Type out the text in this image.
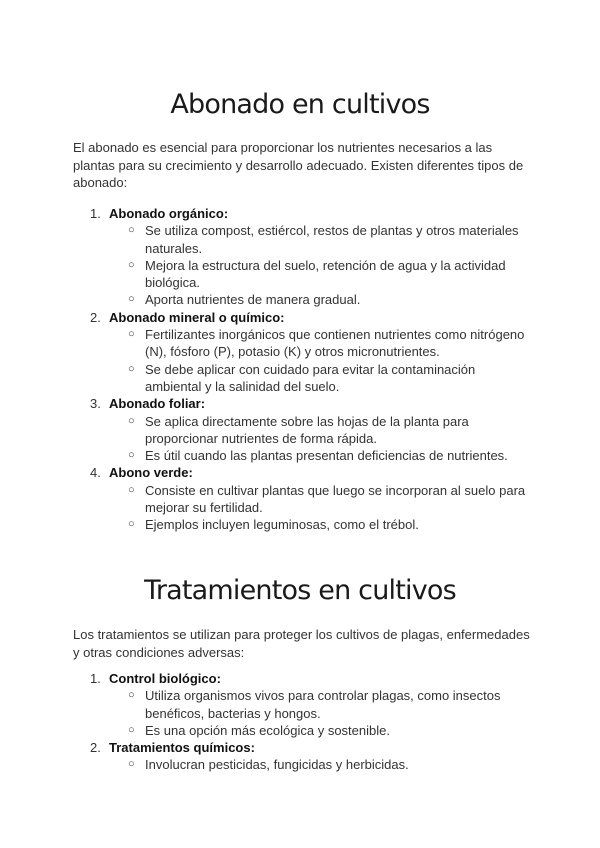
Abonado en cultivos

El abonado es esencial para proporcionar los nutrientes necesarios a las plantas para su crecimiento y desarrollo adecuado. Existen diferentes tipos de abonado:

1. Abonado orgánico:
○ Se utiliza compost, estiércol, restos de plantas y otros materiales naturales.
○ Mejora la estructura del suelo, retención de agua y la actividad biológica.
○ Aporta nutrientes de manera gradual.
2. Abonado mineral o químico:
○ Fertilizantes inorgánicos que contienen nutrientes como nitrógeno (N), fósforo (P), potasio (K) y otros micronutrientes.
○ Se debe aplicar con cuidado para evitar la contaminación ambiental y la salinidad del suelo.
3. Abonado foliar:
○ Se aplica directamente sobre las hojas de la planta para proporcionar nutrientes de forma rápida.
○ Es útil cuando las plantas presentan deficiencias de nutrientes.
4. Abono verde:
○ Consiste en cultivar plantas que luego se incorporan al suelo para mejorar su fertilidad.
○ Ejemplos incluyen leguminosas, como el trébol.
Tratamientos en cultivos

Los tratamientos se utilizan para proteger los cultivos de plagas, enfermedades y otras condiciones adversas:

1. Control biológico:
○ Utiliza organismos vivos para controlar plagas, como insectos benéficos, bacterias y hongos.
○ Es una opción más ecológica y sostenible.
2. Tratamientos químicos:
○ Involucran pesticidas, fungicidas y herbicidas.
